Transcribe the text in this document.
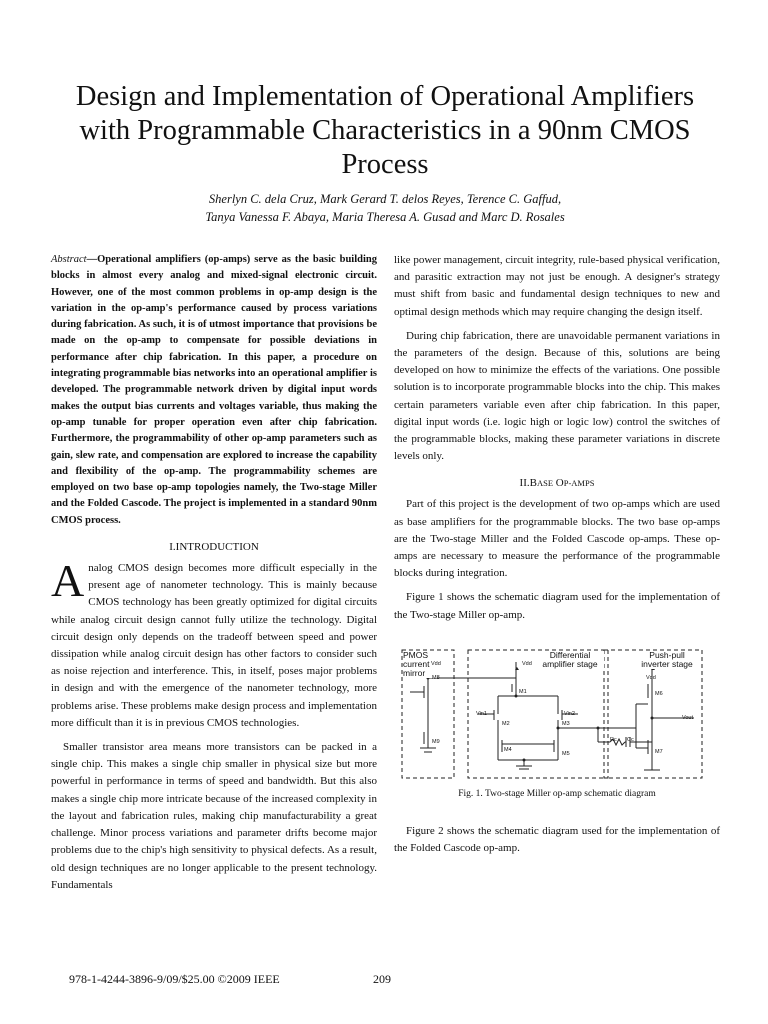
Design and Implementation of Operational Amplifiers with Programmable Characteristics in a 90nm CMOS Process
Sherlyn C. dela Cruz, Mark Gerard T. delos Reyes, Terence C. Gaffud,
Tanya Vanessa F. Abaya, Maria Theresa A. Gusad and Marc D. Rosales

Abstract—Operational amplifiers (op-amps) serve as the basic building blocks in almost every analog and mixed-signal electronic circuit. However, one of the most common problems in op-amp design is the variation in the op-amp's performance caused by process variations during fabrication. As such, it is of utmost importance that provisions be made on the op-amp to compensate for possible deviations in performance after chip fabrication. In this paper, a procedure on integrating programmable bias networks into an operational amplifier is developed. The programmable network driven by digital input words makes the output bias currents and voltages variable, thus making the op-amp tunable for proper operation even after chip fabrication. Furthermore, the programmability of other op-amp parameters such as gain, slew rate, and compensation are explored to increase the capability and flexibility of the op-amp. The programmability schemes are employed on two base op-amp topologies namely, the Two-stage Miller and the Folded Cascode. The project is implemented in a standard 90nm CMOS process.

I.INTRODUCTION

Analog CMOS design becomes more difficult especially in the present age of nanometer technology. This is mainly because CMOS technology has been greatly optimized for digital circuits while analog circuit design cannot fully utilize the technology. Digital circuit design only depends on the tradeoff between speed and power dissipation while analog circuit design has other factors to consider such as noise rejection and interference. This, in itself, poses major problems in design and with the emergence of the nanometer technology, more problems arise. These problems make design process and implementation more difficult than it is in previous CMOS technologies.

Smaller transistor area means more transistors can be packed in a single chip. This makes a single chip smaller in physical size but more powerful in performance in terms of speed and bandwidth. But this also makes a single chip more intricate because of the increased complexity in the layout and fabrication rules, making chip manufacturability a great challenge. Minor process variations and parameter drifts become major problems due to the chip's high sensitivity to physical defects. As a result, old design techniques are no longer applicable to the present technology. Fundamentals

like power management, circuit integrity, rule-based physical verification, and parasitic extraction may not just be enough. A designer's strategy must shift from basic and fundamental design techniques to new and optimal design methods which may require changing the design itself.

During chip fabrication, there are unavoidable permanent variations in the parameters of the design. Because of this, solutions are being developed on how to minimize the effects of the variations. One possible solution is to incorporate programmable blocks into the chip. This makes certain parameters variable even after chip fabrication. In this paper, digital input words (i.e. logic high or logic low) control the switches of the programmable blocks, making these parameter variations in discrete levels only.

II.BASE OP-AMPS

Part of this project is the development of two op-amps which are used as base amplifiers for the programmable blocks. The two base op-amps are the Two-stage Miller and the Folded Cascode op-amps. These op-amps are necessary to measure the performance of the programmable blocks during integration.

Figure 1 shows the schematic diagram used for the implementation of the Two-stage Miller op-amp.

PMOS current mirror
Differential amplifier stage
Push-pull inverter stage
Vdd	Vdd
Vdd
M8
M9
M1
M2	M3
M4
M5
M6
M7
Vin1	Vin2
Vout
Rc Cc
Fig. 1. Two-stage Miller op-amp schematic diagram

Figure 2 shows the schematic diagram used for the implementation of the Folded Cascode op-amp.

978-1-4244-3896-9/09/$25.00 ©2009 IEEE	209
